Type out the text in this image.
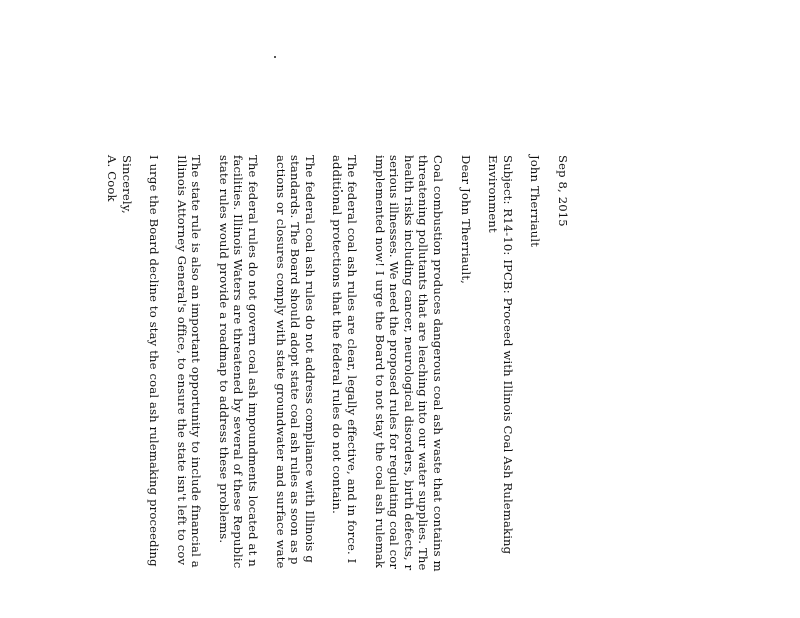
Sep 8, 2015
John Therriault
Subject: R14-10: IPCB: Proceed with Illinois Coal Ash Rulemaking
Environment
Dear John Therriault,
Coal combustion produces dangerous coal ash waste that contains m
threatening pollutants that are leaching into our water supplies. The
health risks including cancer, neurological disorders, birth defects, r
serious illnesses. We need the proposed rules for regulating coal cor
implemented now! I urge the Board to not stay the coal ash rulemak
The federal coal ash rules are clear, legally effective, and in force. I
additional protections that the federal rules do not contain.
The federal coal ash rules do not address compliance with Illinois g
standards. The Board should adopt state coal ash rules as soon as p
actions or closures comply with state groundwater and surface wate
The federal rules do not govern coal ash impoundments located at n
facilities. Illinois Waters are threatened by several of these Republic
state rules would provide a roadmap to address these problems.
The state rule is also an important opportunity to include financial a
Illinois Attorney General's office, to ensure the state isn't left to cov
I urge the Board decline to stay the coal ash rulemaking proceeding
Sincerely,
A. Cook
